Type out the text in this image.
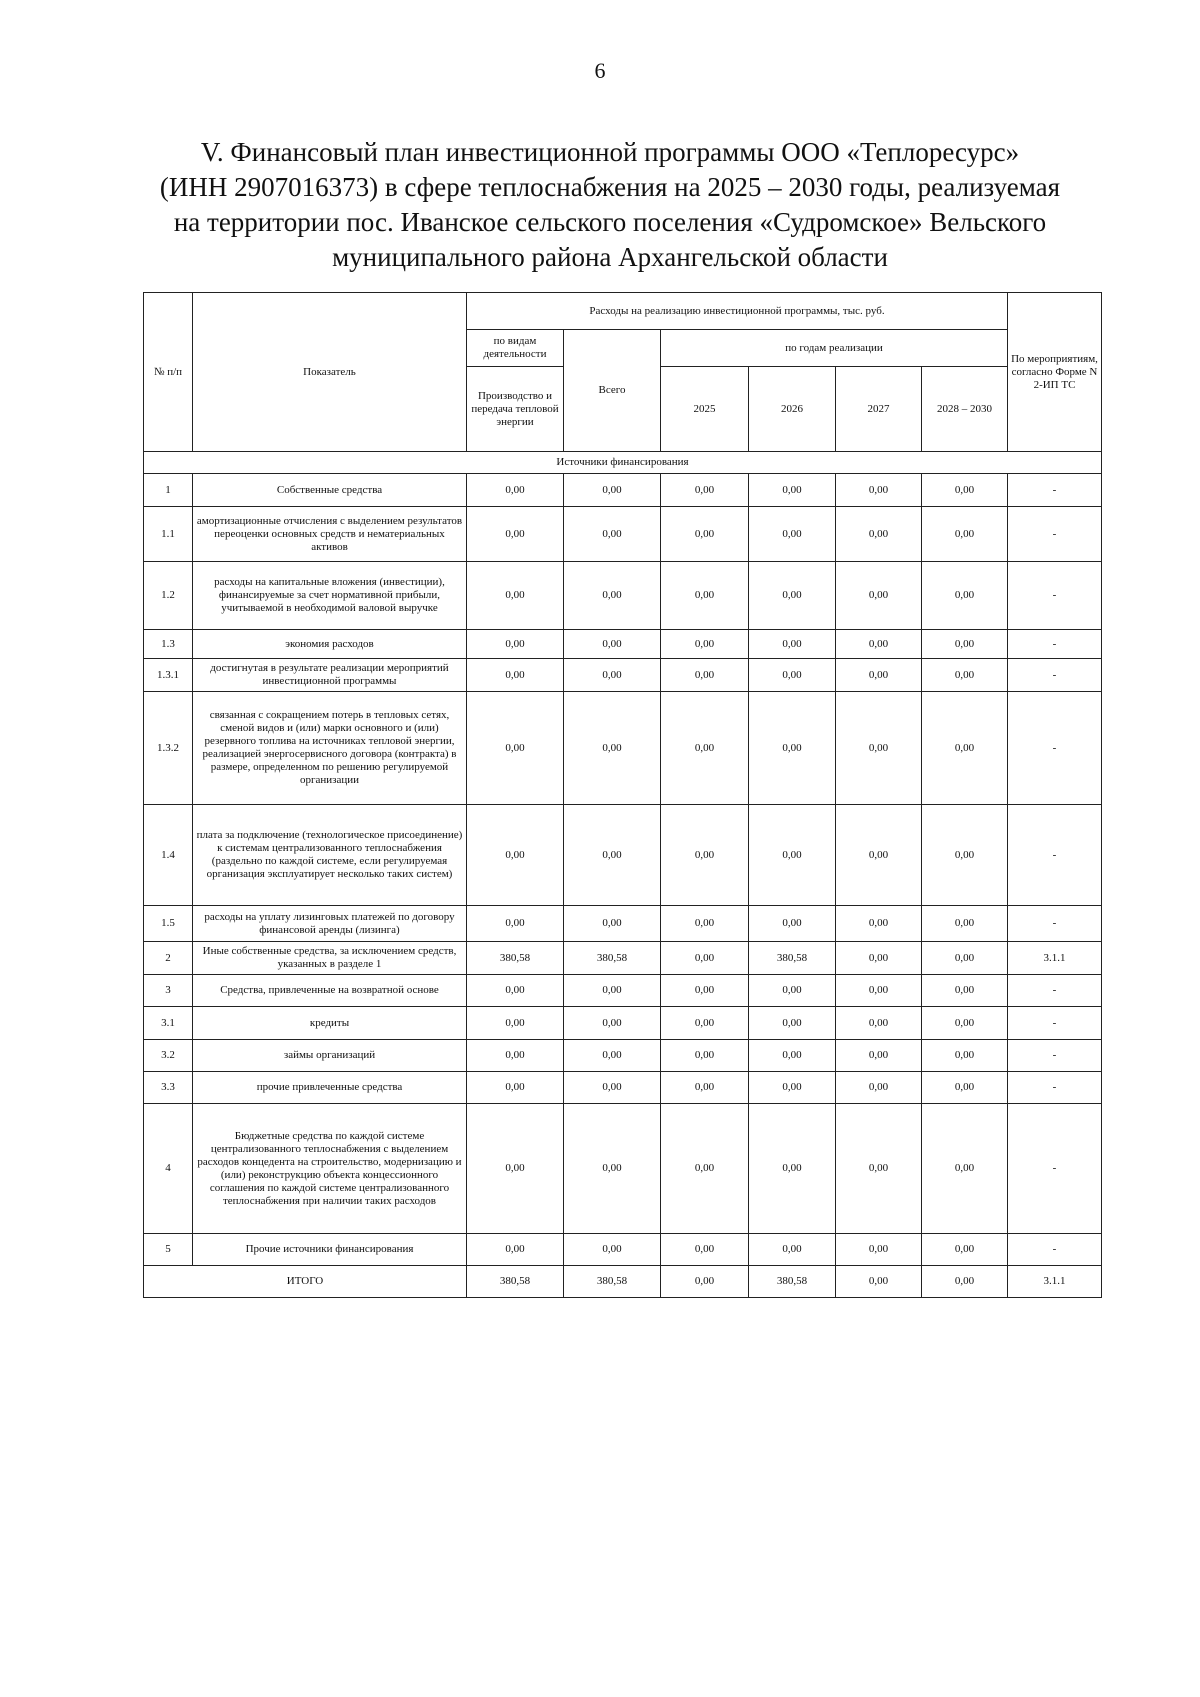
6
V. Финансовый план инвестиционной программы ООО «Теплоресурс»
(ИНН 2907016373) в сфере теплоснабжения на 2025 – 2030 годы, реализуемая
на территории пос. Иванское сельского поселения «Судромское» Вельского
муниципального района Архангельской области
№ п/п	Показатель	Расходы на реализацию инвестиционной программы, тыс. руб.						По мероприятиям, согласно Форме N 2-ИП ТС
		по видам деятельности	Всего	по годам реализации				
		Производство и передача тепловой энергии		2025	2026	2027	2028 – 2030	
Источники финансирования								
1	Собственные средства	0,00	0,00	0,00	0,00	0,00	0,00	-
1.1	амортизационные отчисления с выделением результатов переоценки основных средств и нематериальных активов	0,00	0,00	0,00	0,00	0,00	0,00	-
1.2	расходы на капитальные вложения (инвестиции), финансируемые за счет нормативной прибыли, учитываемой в необходимой валовой выручке	0,00	0,00	0,00	0,00	0,00	0,00	-
1.3	экономия расходов	0,00	0,00	0,00	0,00	0,00	0,00	-
1.3.1	достигнутая в результате реализации мероприятий инвестиционной программы	0,00	0,00	0,00	0,00	0,00	0,00	-
1.3.2	связанная с сокращением потерь в тепловых сетях, сменой видов и (или) марки основного и (или) резервного топлива на источниках тепловой энергии, реализацией энергосервисного договора (контракта) в размере, определенном по решению регулируемой организации	0,00	0,00	0,00	0,00	0,00	0,00	-
1.4	плата за подключение (технологическое присоединение) к системам централизованного теплоснабжения (раздельно по каждой системе, если регулируемая организация эксплуатирует несколько таких систем)	0,00	0,00	0,00	0,00	0,00	0,00	-
1.5	расходы на уплату лизинговых платежей по договору финансовой аренды (лизинга)	0,00	0,00	0,00	0,00	0,00	0,00	-
2	Иные собственные средства, за исключением средств, указанных в разделе 1	380,58	380,58	0,00	380,58	0,00	0,00	3.1.1
3	Средства, привлеченные на возвратной основе	0,00	0,00	0,00	0,00	0,00	0,00	-
3.1	кредиты	0,00	0,00	0,00	0,00	0,00	0,00	-
3.2	займы организаций	0,00	0,00	0,00	0,00	0,00	0,00	-
3.3	прочие привлеченные средства	0,00	0,00	0,00	0,00	0,00	0,00	-
4	Бюджетные средства по каждой системе централизованного теплоснабжения с выделением расходов концедента на строительство, модернизацию и (или) реконструкцию объекта концессионного соглашения по каждой системе централизованного теплоснабжения при наличии таких расходов	0,00	0,00	0,00	0,00	0,00	0,00	-
5	Прочие источники финансирования	0,00	0,00	0,00	0,00	0,00	0,00	-
ИТОГО		380,58	380,58	0,00	380,58	0,00	0,00	3.1.1
